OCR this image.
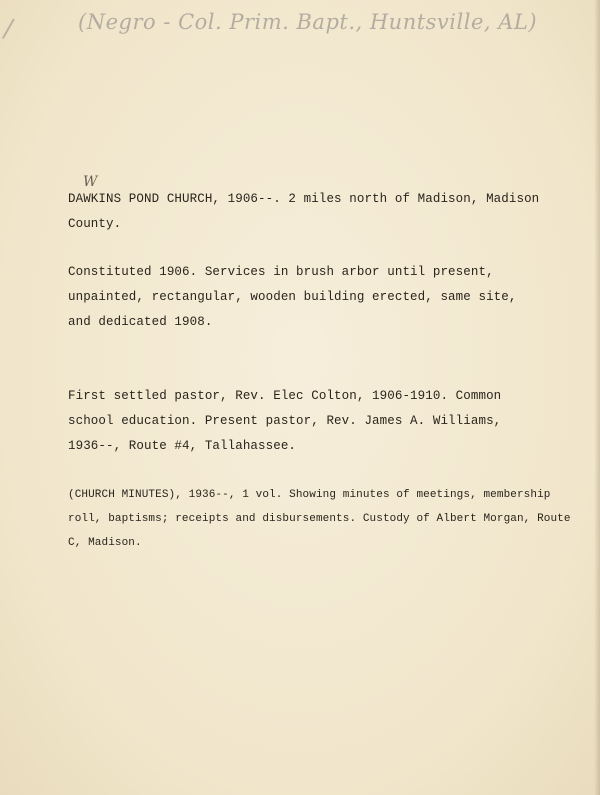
/	(Negro - Col. Prim. Bapt., Huntsville, AL)
W
DAWKINS POND CHURCH, 1906--. 2 miles north of Madison, Madison
County.
Constituted 1906. Services in brush arbor until present,
unpainted, rectangular, wooden building erected, same site,
and dedicated 1908.
First settled pastor, Rev. Elec Colton, 1906-1910. Common
school education. Present pastor, Rev. James A. Williams,
1936--, Route #4, Tallahassee.
(CHURCH MINUTES), 1936--, 1 vol. Showing minutes of meetings, membership
roll, baptisms; receipts and disbursements. Custody of Albert Morgan, Route
C, Madison.
